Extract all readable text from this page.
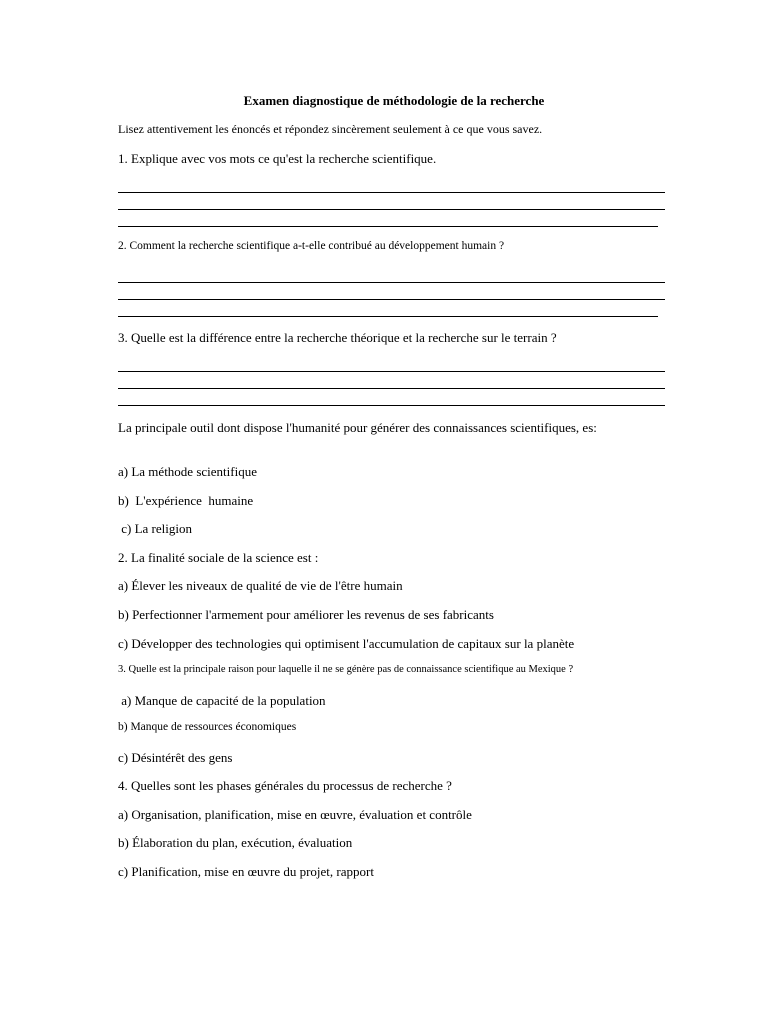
Examen diagnostique de méthodologie de la recherche
Lisez attentivement les énoncés et répondez sincèrement seulement à ce que vous savez.
1. Explique avec vos mots ce qu'est la recherche scientifique.
2. Comment la recherche scientifique a-t-elle contribué au développement humain ?
3. Quelle est la différence entre la recherche théorique et la recherche sur le terrain ?
La principale outil dont dispose l'humanité pour générer des connaissances scientifiques, es:
a) La méthode scientifique
b)  L'expérience  humaine
c) La religion
2. La finalité sociale de la science est :
a) Élever les niveaux de qualité de vie de l'être humain
b) Perfectionner l'armement pour améliorer les revenus de ses fabricants
c) Développer des technologies qui optimisent l'accumulation de capitaux sur la planète
3. Quelle est la principale raison pour laquelle il ne se génère pas de connaissance scientifique au Mexique ?
a) Manque de capacité de la population
b) Manque de ressources économiques
c) Désintérêt des gens
4. Quelles sont les phases générales du processus de recherche ?
a) Organisation, planification, mise en œuvre, évaluation et contrôle
b) Élaboration du plan, exécution, évaluation
c) Planification, mise en œuvre du projet, rapport
